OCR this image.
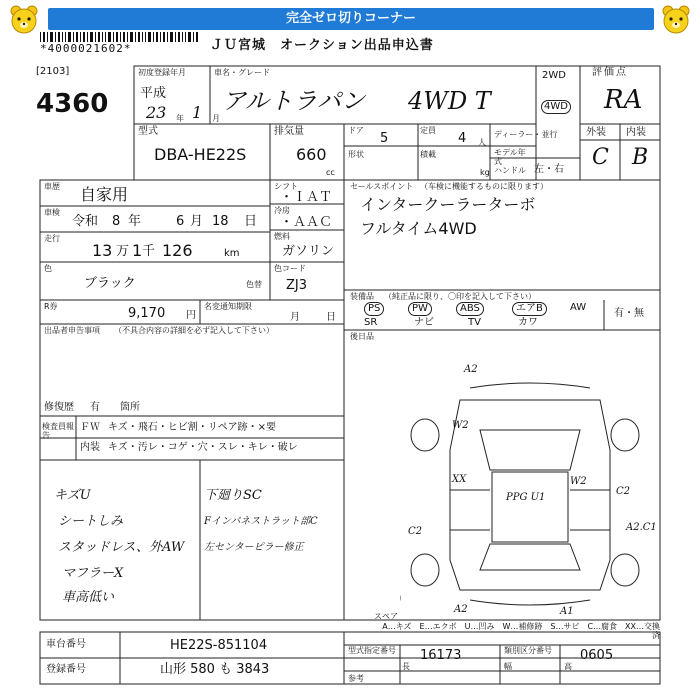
完全ゼロ切りコーナー
*4000021602*	ＪＵ宮城　オークション出品申込書
[2103]
4360
初度登録年月
平成
23 年 1 月
車名・グレード
アルトラパン 4WD T
2WD
4WD
評価点
RA
外装 内装
C B
型式
DBA-HE22S
排気量
660
cc
ドア
5
定員
4 人
形状	積載
kg
ディーラー・並行
モデル年式
ハンドル 左・右
車歴 自家用
車検
令和 8 年	6 月 18 日
走行
13 万 1 千 126	km
色
ブラック	色替
シフト
・ＩＡＴ
冷房
・ＡＡＣ
燃料
ガソリン
色コード
ZJ3
セールスポイント （车検に機能するものに限ります）
インタークーラーターボ
フルタイム4WD
R券	9,170 円
名変通知期限
月	日
装備品 （純正品に限り、〇印を記入して下さい）
PS	PW	ABS	エアB	AW
SR	ナビ	TV	カワ
有・無
出品者申告事項 （不具合内容の詳細を必ず記入して下さい）
後日品
修復歴 有 箇所
検査員報告
ＦＷ キズ・飛石・ヒビ割・リペア跡・×要
内装 キズ・汚レ・コゲ・穴・スレ・キレ・破レ
キズU
シートしみ
スタッドレス、外AW
マフラーX
車高低い
下廻りSC
Fインパネストラット部C
左センターピラー修正
A2
W2
XX
PPG U1
W2
C2
C2	A2.C1
A2	A1
スペア
A…キズ　E…エクボ　U…凹み　W…補修跡　S…サビ　C…腐食　XX…交換済
車台番号	HE22S-851104
登録番号	山形 580 も 3843
型式指定番号 16173	類別区分番号	0605
長	幅	高
参考
